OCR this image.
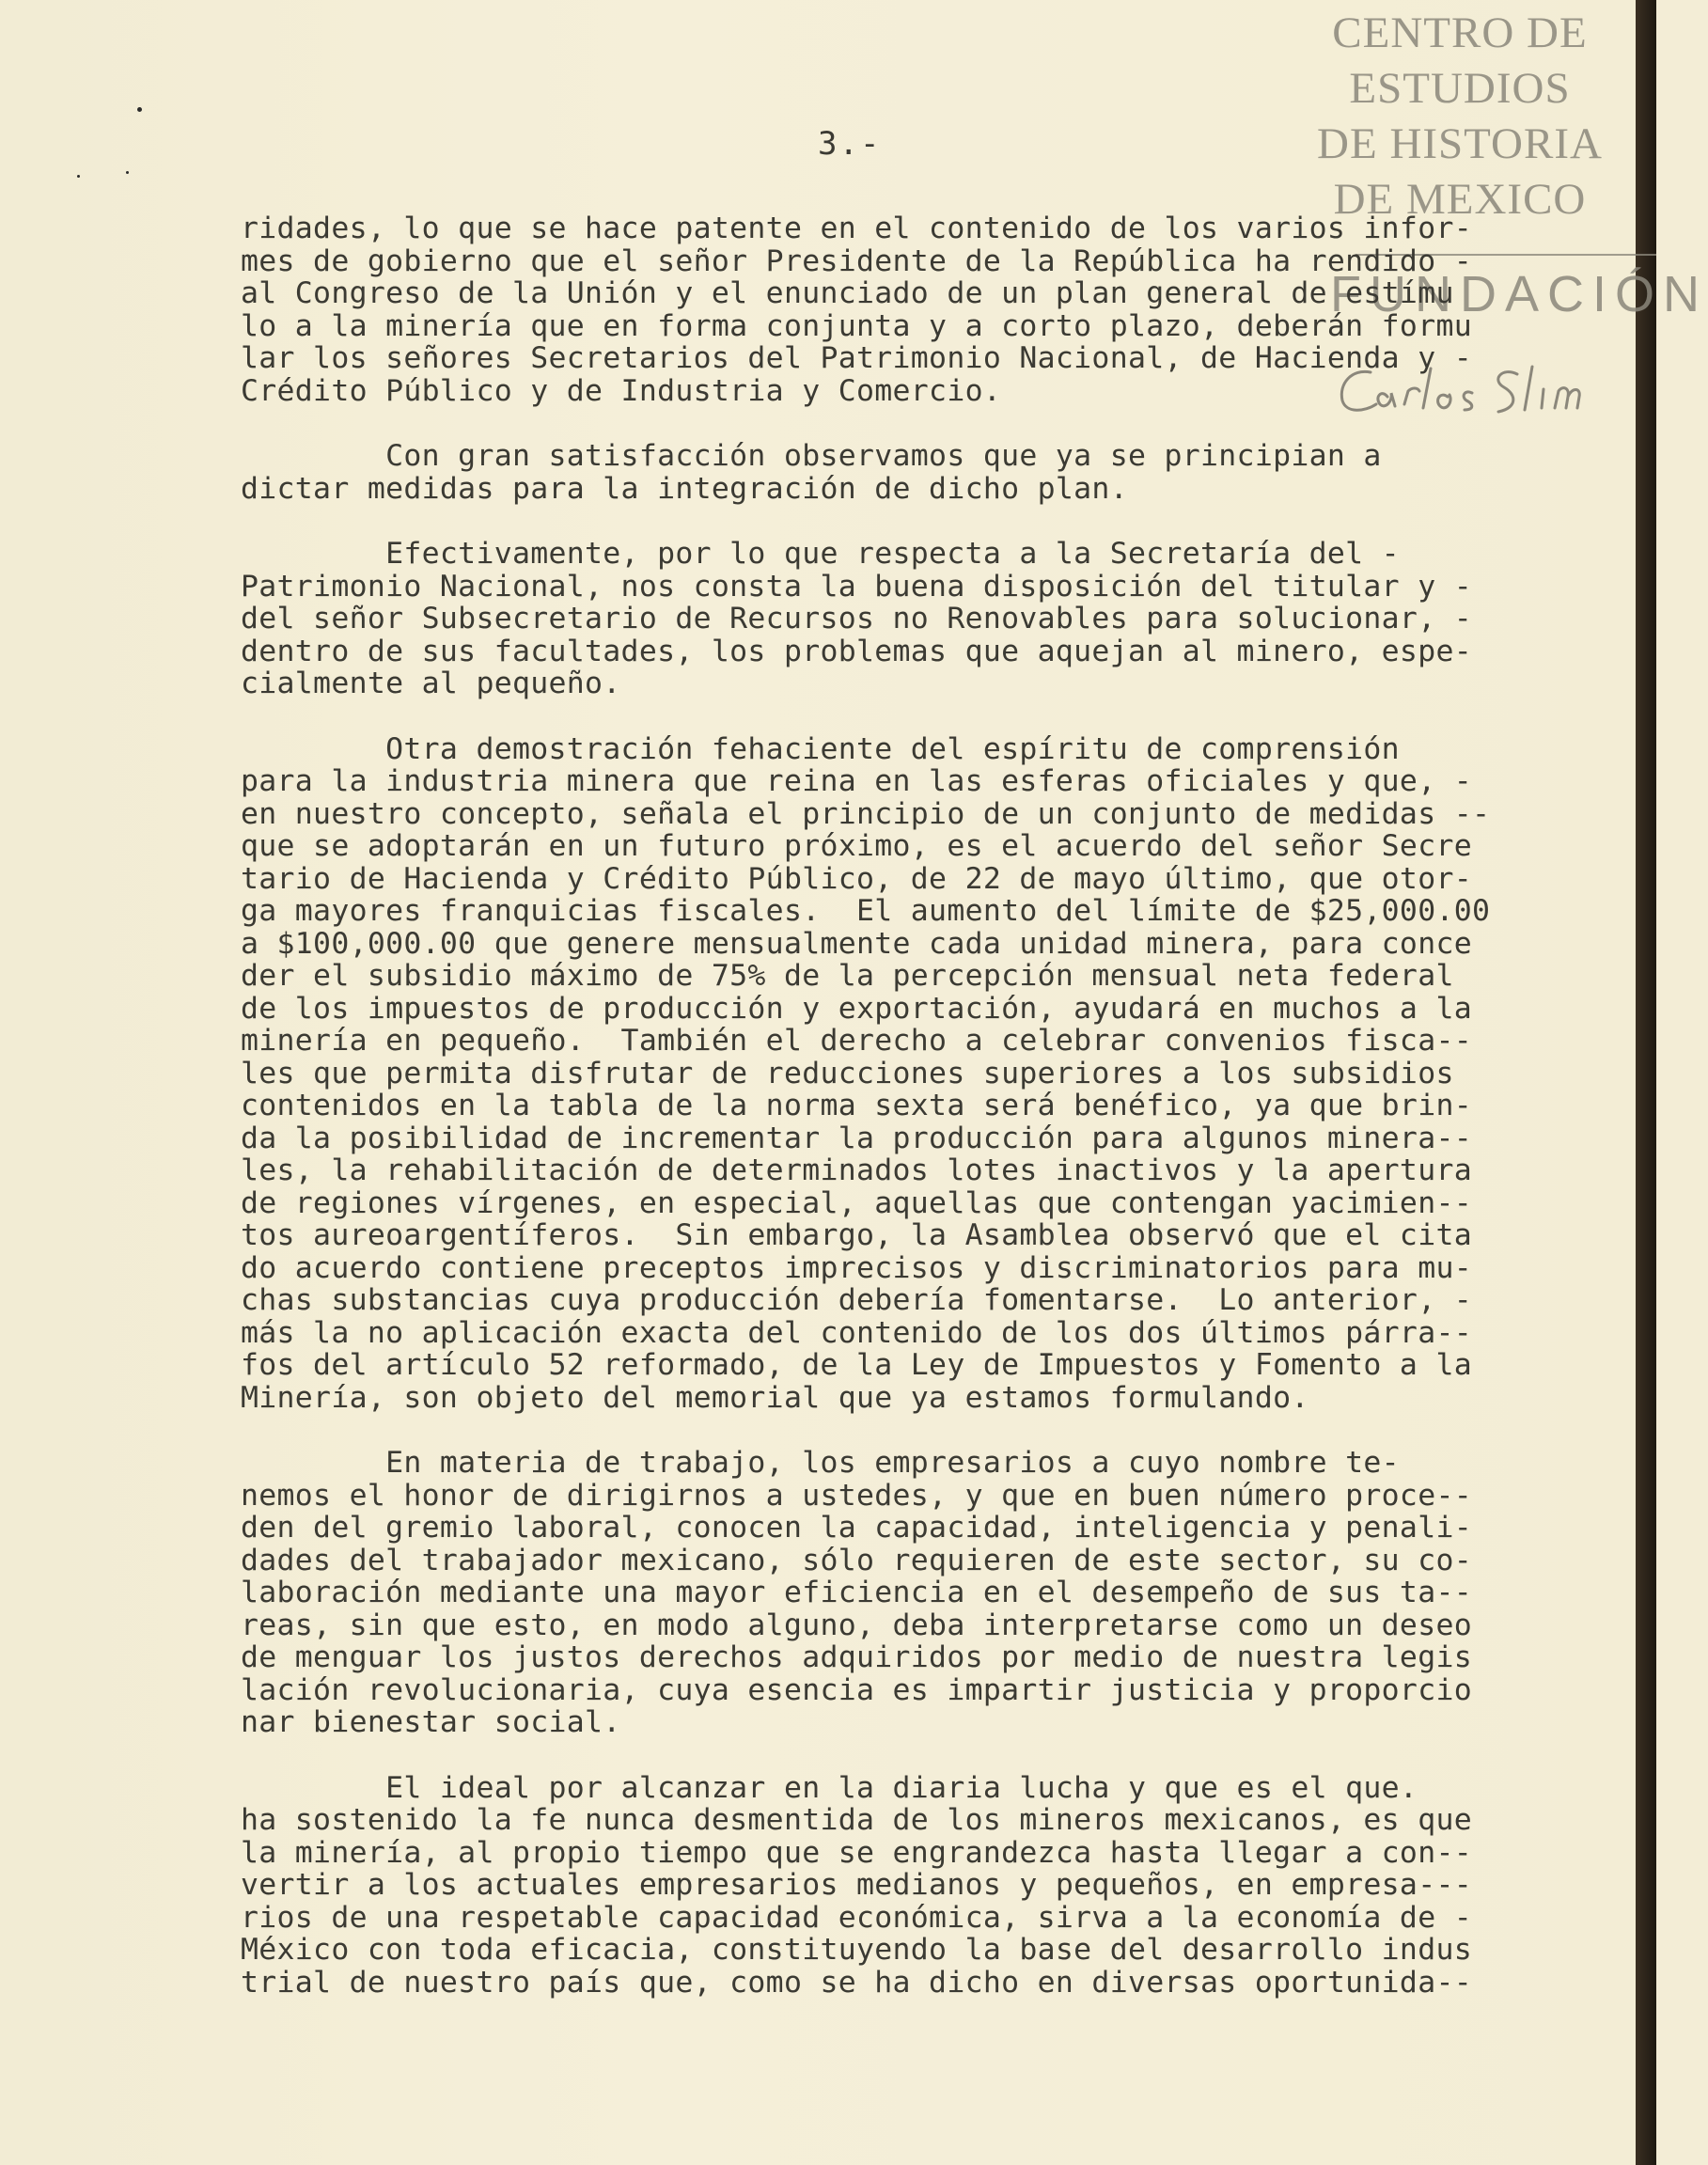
CENTRO DE
ESTUDIOS
DE HISTORIA
DE MEXICO
FUNDACIÓN
3.-

ridades, lo que se hace patente en el contenido de los varios infor-
mes de gobierno que el señor Presidente de la República ha rendido -
al Congreso de la Unión y el enunciado de un plan general de estímu
lo a la minería que en forma conjunta y a corto plazo, deberán formu
lar los señores Secretarios del Patrimonio Nacional, de Hacienda y -
Crédito Público y de Industria y Comercio.

Con gran satisfacción observamos que ya se principian a
dictar medidas para la integración de dicho plan.

Efectivamente, por lo que respecta a la Secretaría del -
Patrimonio Nacional, nos consta la buena disposición del titular y -
del señor Subsecretario de Recursos no Renovables para solucionar, -
dentro de sus facultades, los problemas que aquejan al minero, espe-
cialmente al pequeño.

Otra demostración fehaciente del espíritu de comprensión
para la industria minera que reina en las esferas oficiales y que, -
en nuestro concepto, señala el principio de un conjunto de medidas --
que se adoptarán en un futuro próximo, es el acuerdo del señor Secre
tario de Hacienda y Crédito Público, de 22 de mayo último, que otor-
ga mayores franquicias fiscales.  El aumento del límite de $25,000.00
a $100,000.00 que genere mensualmente cada unidad minera, para conce
der el subsidio máximo de 75% de la percepción mensual neta federal
de los impuestos de producción y exportación, ayudará en muchos a la
minería en pequeño.  También el derecho a celebrar convenios fisca--
les que permita disfrutar de reducciones superiores a los subsidios
contenidos en la tabla de la norma sexta será benéfico, ya que brin-
da la posibilidad de incrementar la producción para algunos minera--
les, la rehabilitación de determinados lotes inactivos y la apertura
de regiones vírgenes, en especial, aquellas que contengan yacimien--
tos aureoargentíferos.  Sin embargo, la Asamblea observó que el cita
do acuerdo contiene preceptos imprecisos y discriminatorios para mu-
chas substancias cuya producción debería fomentarse.  Lo anterior, -
más la no aplicación exacta del contenido de los dos últimos párra--
fos del artículo 52 reformado, de la Ley de Impuestos y Fomento a la
Minería, son objeto del memorial que ya estamos formulando.

En materia de trabajo, los empresarios a cuyo nombre te-
nemos el honor de dirigirnos a ustedes, y que en buen número proce--
den del gremio laboral, conocen la capacidad, inteligencia y penali-
dades del trabajador mexicano, sólo requieren de este sector, su co-
laboración mediante una mayor eficiencia en el desempeño de sus ta--
reas, sin que esto, en modo alguno, deba interpretarse como un deseo
de menguar los justos derechos adquiridos por medio de nuestra legis
lación revolucionaria, cuya esencia es impartir justicia y proporcio
nar bienestar social.

El ideal por alcanzar en la diaria lucha y que es el que.
ha sostenido la fe nunca desmentida de los mineros mexicanos, es que
la minería, al propio tiempo que se engrandezca hasta llegar a con--
vertir a los actuales empresarios medianos y pequeños, en empresa---
rios de una respetable capacidad económica, sirva a la economía de -
México con toda eficacia, constituyendo la base del desarrollo indus
trial de nuestro país que, como se ha dicho en diversas oportunida--
